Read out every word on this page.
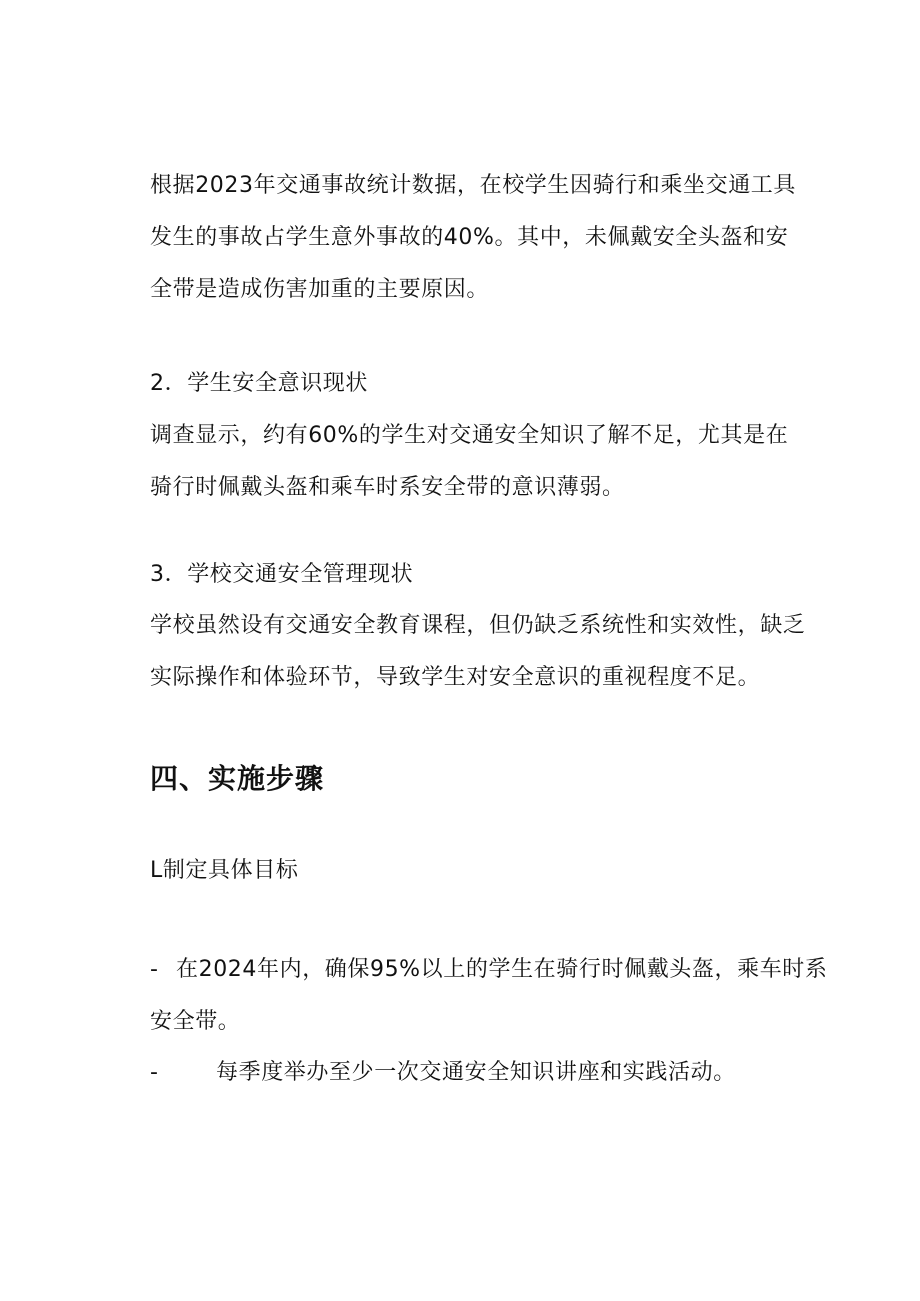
根据2023年交通事故统计数据，在校学生因骑行和乘坐交通工具发生的事故占学生意外事故的40%。其中，未佩戴安全头盔和安全带是造成伤害加重的主要原因。
2．学生安全意识现状
调查显示，约有60%的学生对交通安全知识了解不足，尤其是在骑行时佩戴头盔和乘车时系安全带的意识薄弱。
3．学校交通安全管理现状
学校虽然设有交通安全教育课程，但仍缺乏系统性和实效性，缺乏实际操作和体验环节，导致学生对安全意识的重视程度不足。
四、实施步骤
L制定具体目标
- 在2024年内，确保95%以上的学生在骑行时佩戴头盔，乘车时系安全带。
-	每季度举办至少一次交通安全知识讲座和实践活动。
